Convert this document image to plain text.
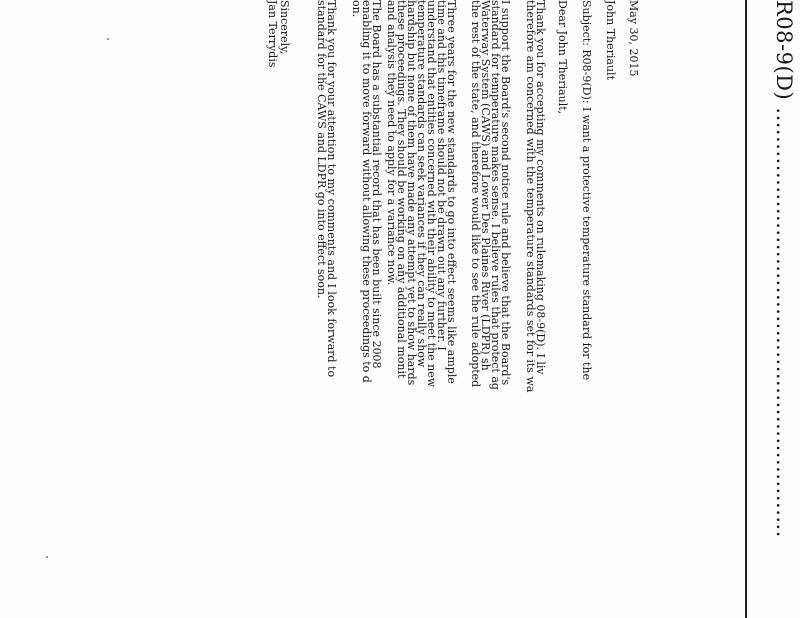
R08-9(D) ............................................................
May 30, 2015
John Theriault
Subject: R08-9(D): I want a protective temperature standard for the
Dear John Theriault,
Thank you for accepting my comments on rulemaking 08-9(D). I liv
therefore am concerned with the temperature standards set for its wa
I support the Board's second notice rule and believe that the Board's
standard for temperature makes sense. I believe rules that protect ag
Waterway System (CAWS) and Lower Des Plaines River (LDPR) sh
the rest of the state, and therefore would like to see the rule adopted
Three years for the new standards to go into effect seems like ample
time and this timeframe should not be drawn out any further. I
understand that entities concerned with their ability to meet the new
temperature standards can seek variances if they can really show
hardship but none of them have made any attempt yet to show hards
these proceedings. They should be working on any additional monit
and analysis they need to apply for a variance now.
The Board has a substantial record that has been built since 2008
enabling it to move forward without allowing these proceedings to d
on.
Thank you for your attention to my comments and I look forward to
standard for the CAWS and LDPR go into effect soon.
Sincerely,
Jan Terrydis
